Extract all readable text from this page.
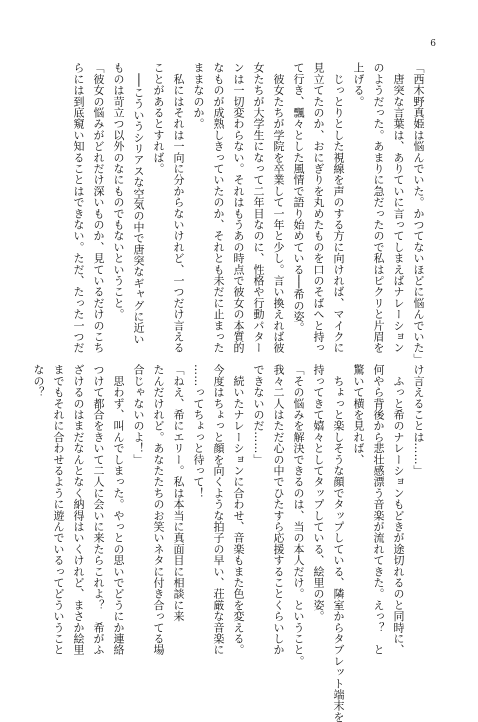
6
「西木野真姫は悩んでいた。かつてないほどに悩んでいた」
　唐突な言葉は、ありていに言ってしまえばナレーション
のようだった。あまりに急だったので私はピクリと片眉を
上げる。
　じっとりとした視線を声のする方に向ければ、マイクに
見立てたのか、おにぎりを丸めたものを口のそばへと持っ
て行き、飄々とした風情で語り始めている──希の姿。
　彼女たちが学院を卒業して一年と少し。言い換えれば彼
女たちが大学生になって二年目なのに、性格や行動パター
ンは一切変わらない。それはもうあの時点で彼女の本質的
なものが成熟しきっていたのか、それとも未だに止まった
ままなのか。
　私にはそれは一向に分からないけれど、一つだけ言える
ことがあるとすれば。
　──こういうシリアスな空気の中で唐突なギャグに近い
ものは苛立つ以外のなにものでもないということ。
「彼女の悩みがどれだけ深いものか、見ているだけのこち
らには到底窺い知ることはできない。ただ、たった一つだ
け言えることは……」
　ふっと希のナレーションもどきが途切れるのと同時に、
何やら背後から悲壮感漂う音楽が流れてきた。えっ？　と
驚いて横を見れば、
　ちょっと楽しそうな顔でタップしている、隣室からタブレット端末を
持ってきて嬉々としてタップしている、絵里の姿。
「その悩みを解決できるのは、当の本人だけ。ということ。
我々二人はただ心の中でひたすら応援することくらいしか
できないのだ……」
　続いたナレーションに合わせ、音楽もまた色を変える。
今度はちょっと顔を向くような拍子の早い、荘厳な音楽に
……ってちょっと待って！
「ねえ、希にエリー。私は本当に真面目に相談に来
たんだけれど。あなたたちのお笑いネタに付き合ってる場
合じゃないのよ！」
　思わず、叫んでしまった。やっとの思いでどうにか連絡
つけて都合をきいて二人に会いに来たらこれよ？　希がふ
ざけるのはまだなんとなく納得はいくけれど、まさか絵里
までもそれに合わせるように遊んでいるってどういうこと
なの？
